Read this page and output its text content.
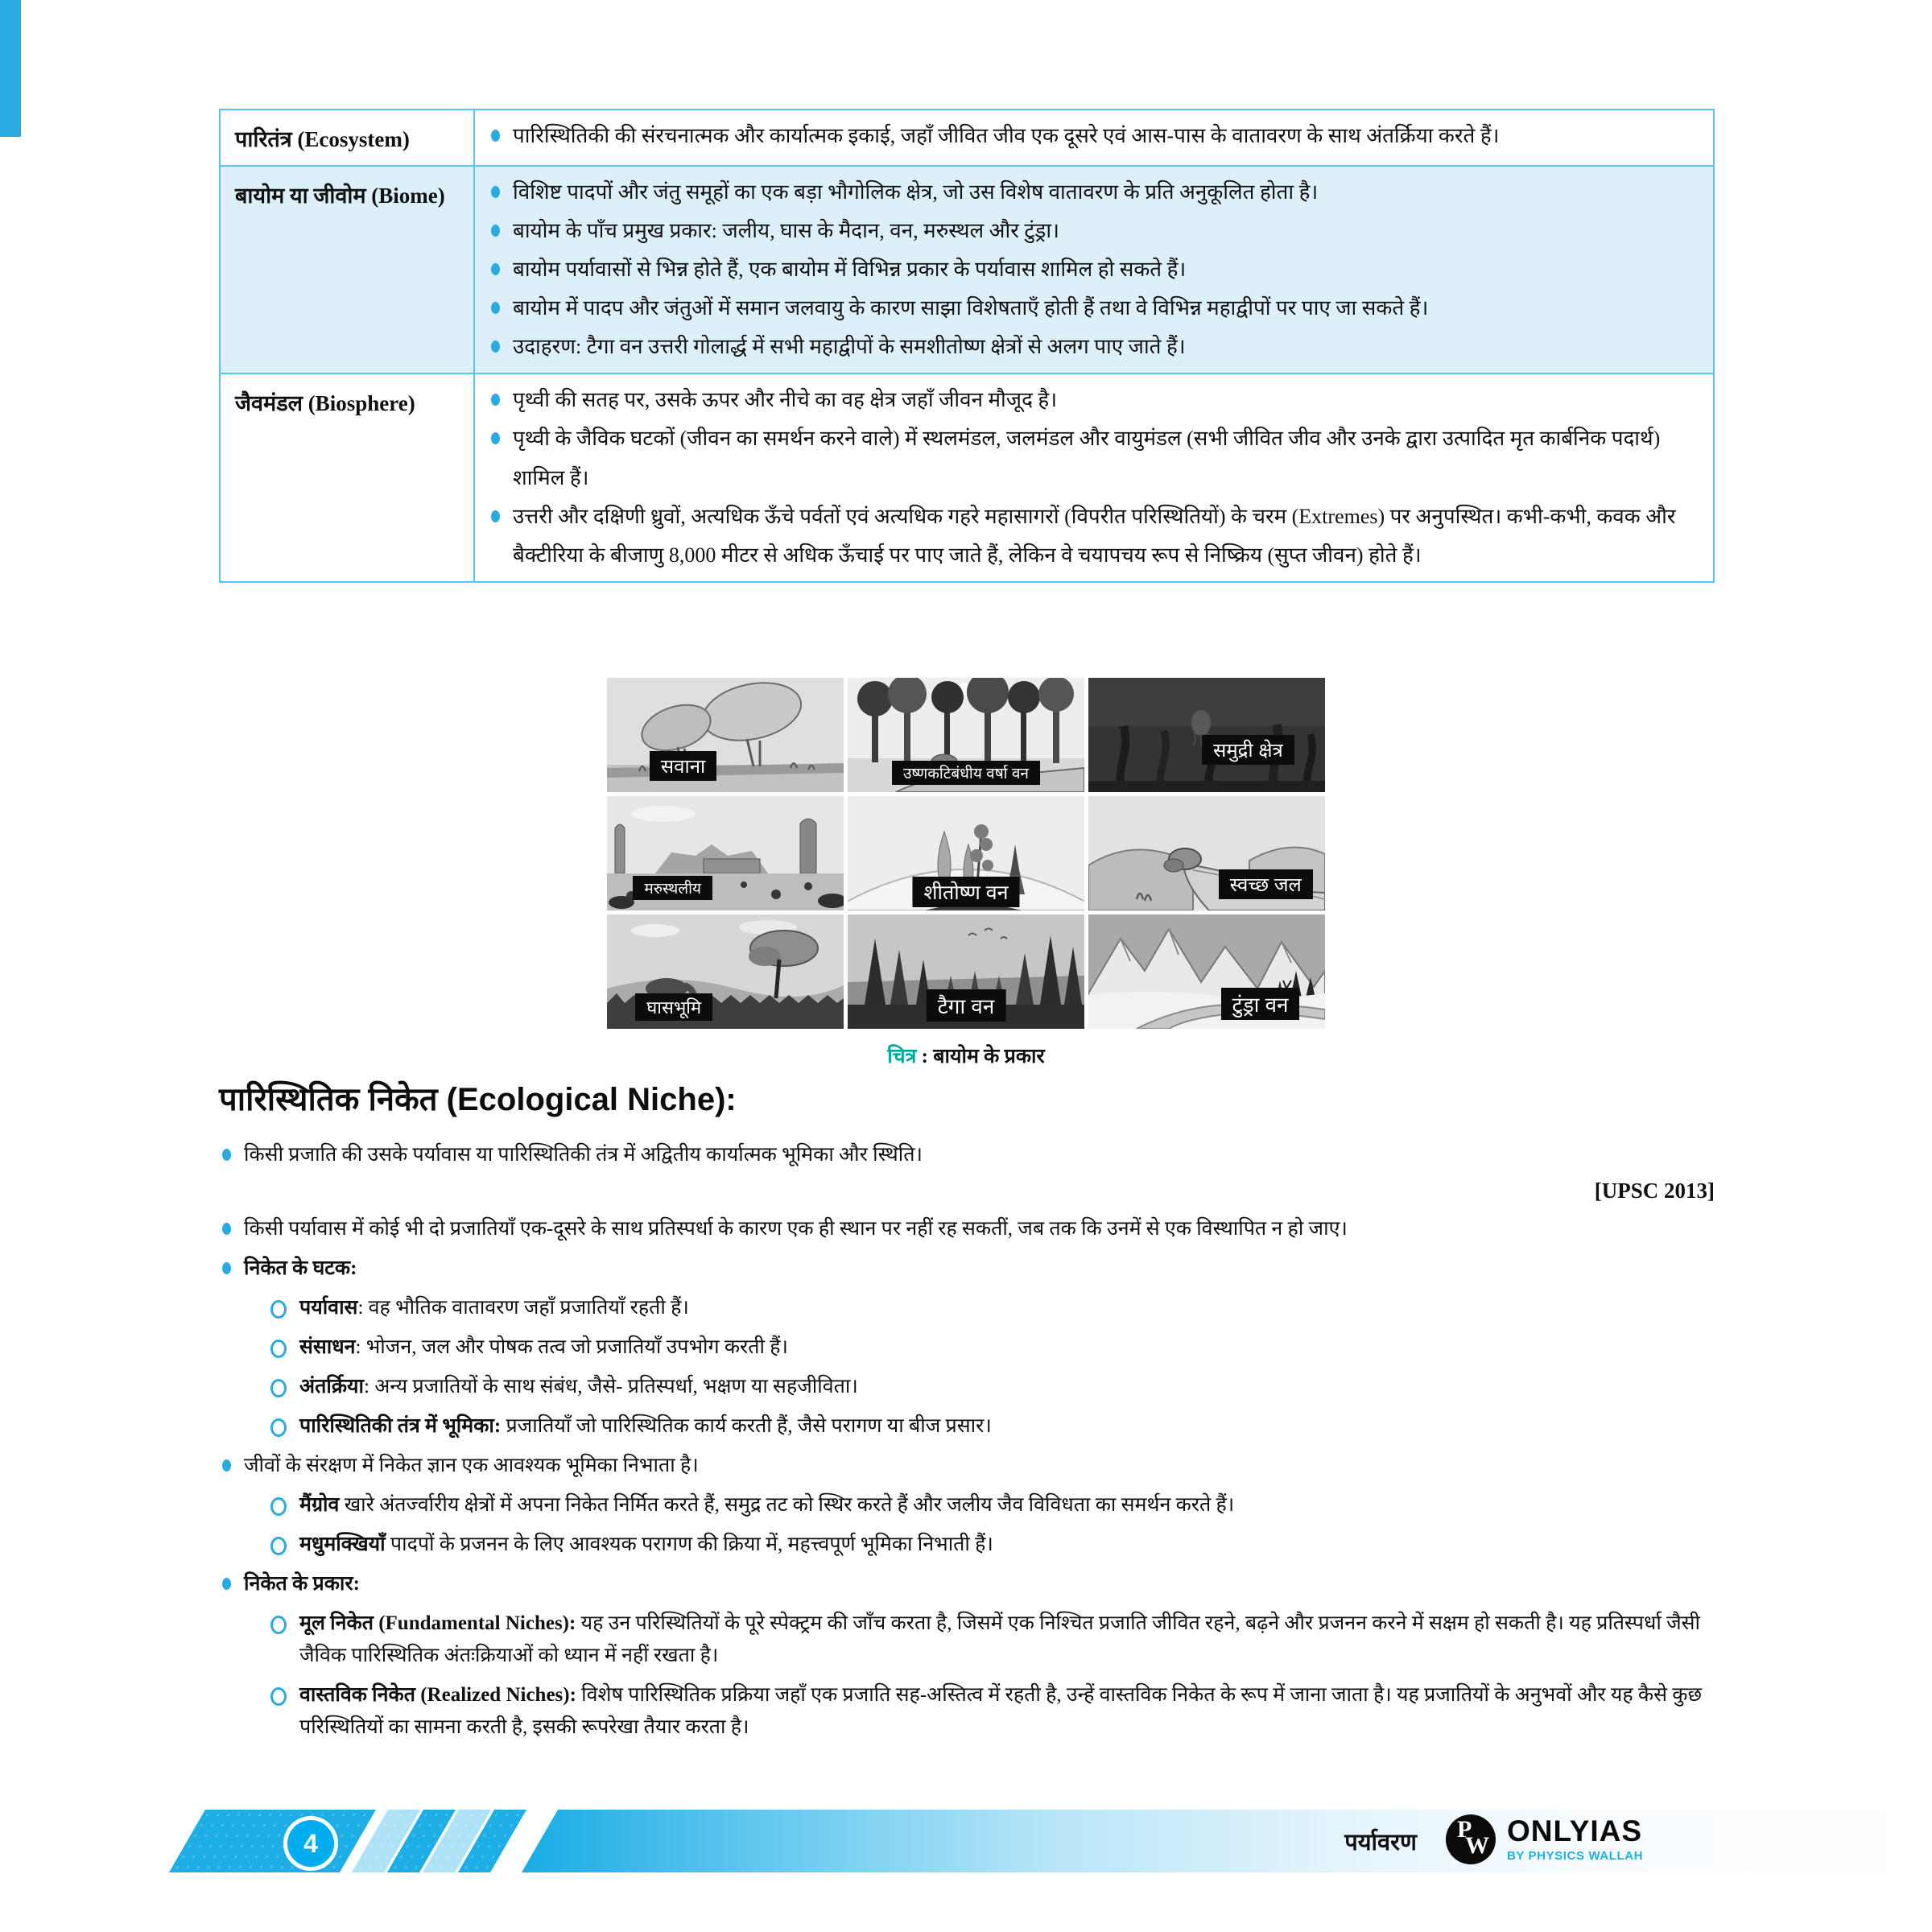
पारितंत्र (Ecosystem)	पारिस्थितिकी की संरचनात्मक और कार्यात्मक इकाई, जहाँ जीवित जीव एक दूसरे एवं आस-पास के वातावरण के साथ अंतर्क्रिया करते हैं।
बायोम या जीवोम (Biome)	विशिष्ट पादपों और जंतु समूहों का एक बड़ा भौगोलिक क्षेत्र, जो उस विशेष वातावरण के प्रति अनुकूलित होता है।
बायोम के पाँच प्रमुख प्रकार: जलीय, घास के मैदान, वन, मरुस्थल और टुंड्रा।
बायोम पर्यावासों से भिन्न होते हैं, एक बायोम में विभिन्न प्रकार के पर्यावास शामिल हो सकते हैं।
बायोम में पादप और जंतुओं में समान जलवायु के कारण साझा विशेषताएँ होती हैं तथा वे विभिन्न महाद्वीपों पर पाए जा सकते हैं।
उदाहरण: टैगा वन उत्तरी गोलार्द्ध में सभी महाद्वीपों के समशीतोष्ण क्षेत्रों से अलग पाए जाते हैं।
जैवमंडल (Biosphere)	पृथ्वी की सतह पर, उसके ऊपर और नीचे का वह क्षेत्र जहाँ जीवन मौजूद है।
पृथ्वी के जैविक घटकों (जीवन का समर्थन करने वाले) में स्थलमंडल, जलमंडल और वायुमंडल (सभी जीवित जीव और उनके द्वारा उत्पादित मृत कार्बनिक पदार्थ) शामिल हैं।
उत्तरी और दक्षिणी ध्रुवों, अत्यधिक ऊँचे पर्वतों एवं अत्यधिक गहरे महासागरों (विपरीत परिस्थितियों) के चरम (Extremes) पर अनुपस्थित। कभी-कभी, कवक और बैक्टीरिया के बीजाणु 8,000 मीटर से अधिक ऊँचाई पर पाए जाते हैं, लेकिन वे चयापचय रूप से निष्क्रिय (सुप्त जीवन) होते हैं।
सवाना	उष्णकटिबंधीय वर्षा वन
समुद्री क्षेत्र
मरुस्थलीय	शीतोष्ण वन	स्वच्छ जल
घासभूमि	टैगा वन	टुंड्रा वन
चित्र : बायोम के प्रकार
पारिस्थितिक निकेत (Ecological Niche):
किसी प्रजाति की उसके पर्यावास या पारिस्थितिकी तंत्र में अद्वितीय कार्यात्मक भूमिका और स्थिति।
[UPSC 2013]
किसी पर्यावास में कोई भी दो प्रजातियाँ एक-दूसरे के साथ प्रतिस्पर्धा के कारण एक ही स्थान पर नहीं रह सकतीं, जब तक कि उनमें से एक विस्थापित न हो जाए।
निकेत के घटक:
पर्यावास: वह भौतिक वातावरण जहाँ प्रजातियाँ रहती हैं।
संसाधन: भोजन, जल और पोषक तत्व जो प्रजातियाँ उपभोग करती हैं।
अंतर्क्रिया: अन्य प्रजातियों के साथ संबंध, जैसे- प्रतिस्पर्धा, भक्षण या सहजीविता।
पारिस्थितिकी तंत्र में भूमिका: प्रजातियाँ जो पारिस्थितिक कार्य करती हैं, जैसे परागण या बीज प्रसार।
जीवों के संरक्षण में निकेत ज्ञान एक आवश्यक भूमिका निभाता है।
मैंग्रोव खारे अंतर्ज्वारीय क्षेत्रों में अपना निकेत निर्मित करते हैं, समुद्र तट को स्थिर करते हैं और जलीय जैव विविधता का समर्थन करते हैं।
मधुमक्खियाँ पादपों के प्रजनन के लिए आवश्यक परागण की क्रिया में, महत्त्वपूर्ण भूमिका निभाती हैं।
निकेत के प्रकार:
मूल निकेत (Fundamental Niches): यह उन परिस्थितियों के पूरे स्पेक्ट्रम की जाँच करता है, जिसमें एक निश्चित प्रजाति जीवित रहने, बढ़ने और प्रजनन करने में सक्षम हो सकती है। यह प्रतिस्पर्धा जैसी जैविक पारिस्थितिक अंतःक्रियाओं को ध्यान में नहीं रखता है।
वास्तविक निकेत (Realized Niches): विशेष पारिस्थितिक प्रक्रिया जहाँ एक प्रजाति सह-अस्तित्व में रहती है, उन्हें वास्तविक निकेत के रूप में जाना जाता है। यह प्रजातियों के अनुभवों और यह कैसे कुछ परिस्थितियों का सामना करती है, इसकी रूपरेखा तैयार करता है।
4	पर्यावरण P
W ONLYIAS
BY PHYSICS WALLAH
